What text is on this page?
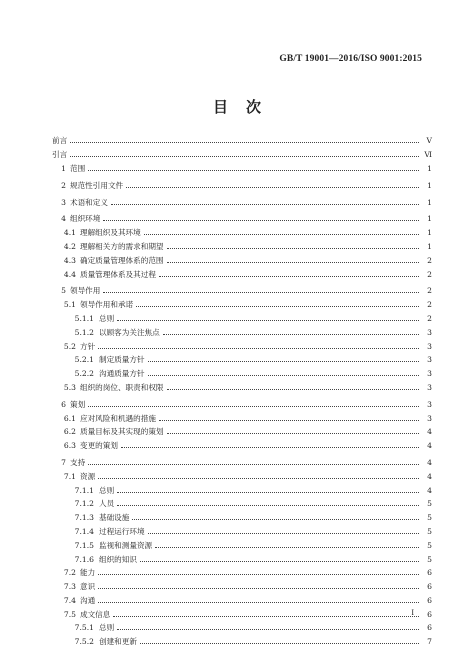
GB/T 19001—2016/ISO 9001:2015
目次
前言	V
引言	Ⅵ
1 范围	1
2 规范性引用文件	1
3 术语和定义	1
4 组织环境	1
4.1 理解组织及其环境	1
4.2 理解相关方的需求和期望	1
4.3 确定质量管理体系的范围	2
4.4 质量管理体系及其过程	2
5 领导作用	2
5.1 领导作用和承诺	2
5.1.1 总则	2
5.1.2 以顾客为关注焦点	3
5.2 方针	3
5.2.1 制定质量方针	3
5.2.2 沟通质量方针	3
5.3 组织的岗位、职责和权限	3
6 策划	3
6.1 应对风险和机遇的措施	3
6.2 质量目标及其实现的策划	4
6.3 变更的策划	4
7 支持	4
7.1 资源	4
7.1.1 总则	4
7.1.2 人员	5
7.1.3 基础设施	5
7.1.4 过程运行环境	5
7.1.5 监视和测量资源	5
7.1.6 组织的知识	5
7.2 能力	6
7.3 意识	6
7.4 沟通	6
7.5 成文信息	6
7.5.1 总则	6
7.5.2 创建和更新	7
I
